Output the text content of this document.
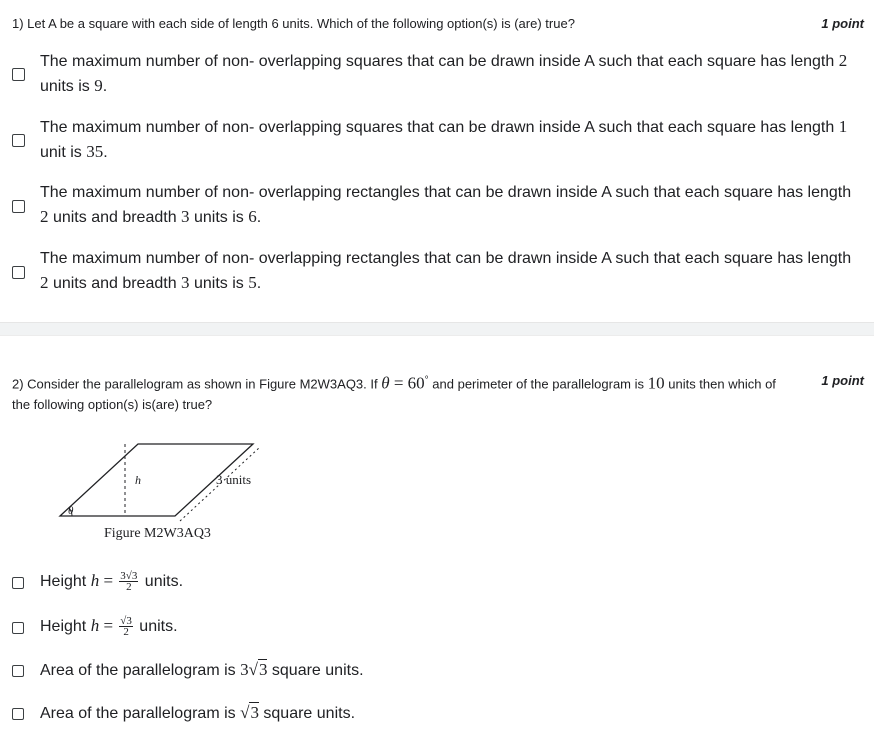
1) Let A be a square with each side of length 6 units. Which of the following option(s) is (are) true?	1 point
The maximum number of non- overlapping squares that can be drawn inside A such that each square has length 2 units is 9.
The maximum number of non- overlapping squares that can be drawn inside A such that each square has length 1 unit is 35.
The maximum number of non- overlapping rectangles that can be drawn inside A such that each square has length 2 units and breadth 3 units is 6.
The maximum number of non- overlapping rectangles that can be drawn inside A such that each square has length 2 units and breadth 3 units is 5.
2) Consider the parallelogram as shown in Figure M2W3AQ3. If θ = 60° and perimeter of the parallelogram is 10 units then which of the following option(s) is(are) true?
1 point
h	3 units
θ
Figure M2W3AQ3
Height $h = \frac{3√3}{2}$ units.
Height $h = \frac{√3}{2}$ units.
Area of the parallelogram is 3√3 square units.
Area of the parallelogram is √3 square units.
